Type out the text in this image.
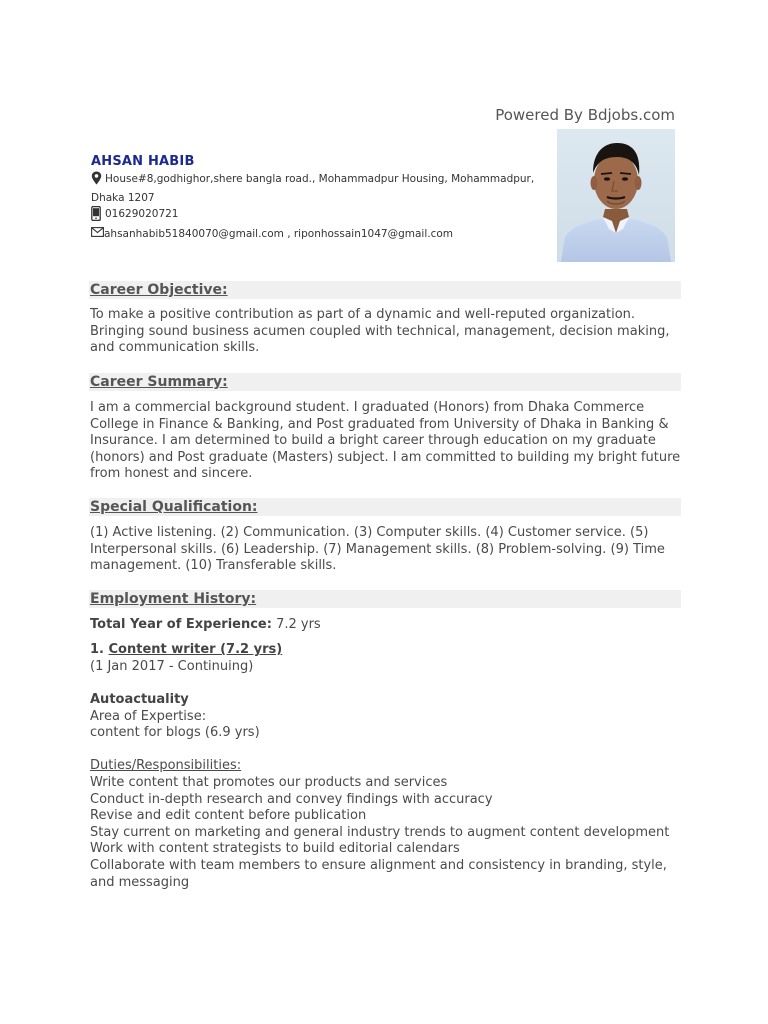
Powered By Bdjobs.com
AHSAN HABIB
House#8,godhighor,shere bangla road., Mohammadpur Housing, Mohammadpur,
Dhaka 1207
01629020721
ahsanhabib51840070@gmail.com , riponhossain1047@gmail.com
Career Objective:
To make a positive contribution as part of a dynamic and well-reputed organization. Bringing sound business acumen coupled with technical, management, decision making, and communication skills.
Career Summary:
I am a commercial background student. I graduated (Honors) from Dhaka Commerce College in Finance & Banking, and Post graduated from University of Dhaka in Banking & Insurance. I am determined to build a bright career through education on my graduate (honors) and Post graduate (Masters) subject. I am committed to building my bright future from honest and sincere.
Special Qualification:
(1) Active listening. (2) Communication. (3) Computer skills. (4) Customer service. (5) Interpersonal skills. (6) Leadership. (7) Management skills. (8) Problem-solving. (9) Time management. (10) Transferable skills.
Employment History:
Total Year of Experience: 7.2 yrs
1. Content writer (7.2 yrs)
(1 Jan 2017 - Continuing)
Autoactuality
Area of Expertise:
content for blogs (6.9 yrs)
Duties/Responsibilities:
Write content that promotes our products and services
Conduct in-depth research and convey findings with accuracy
Revise and edit content before publication
Stay current on marketing and general industry trends to augment content development
Work with content strategists to build editorial calendars
Collaborate with team members to ensure alignment and consistency in branding, style, and messaging
